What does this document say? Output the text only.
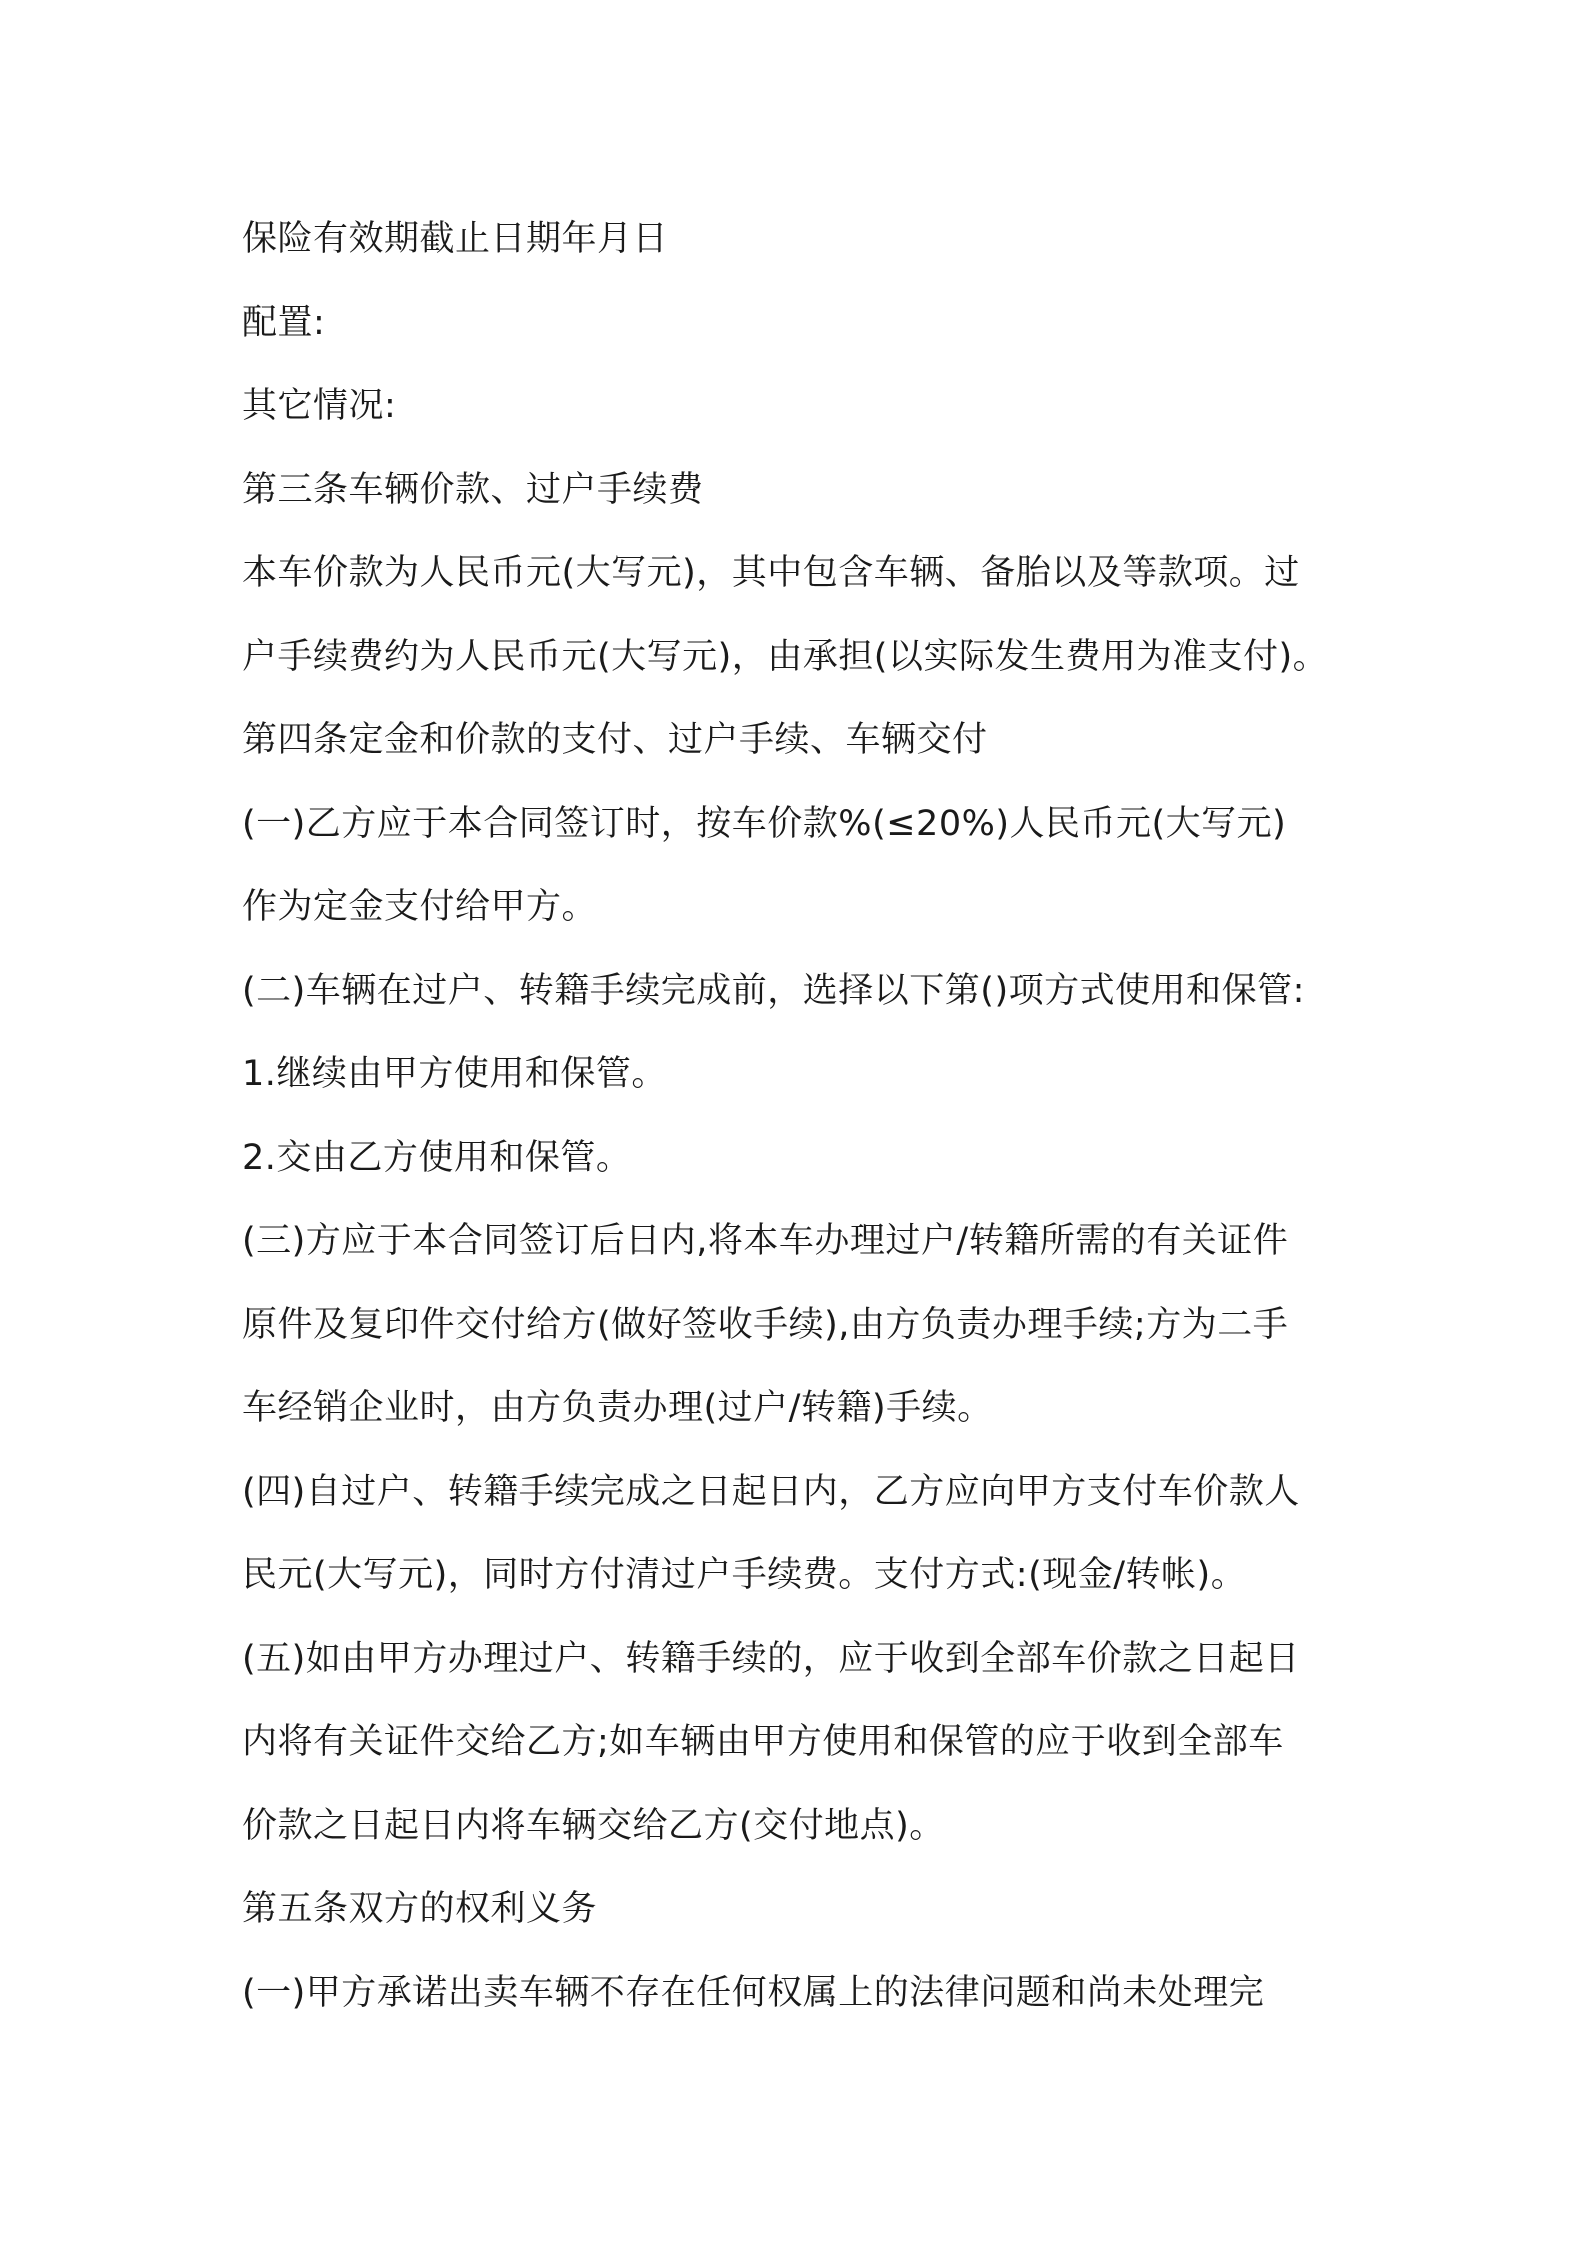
保险有效期截止日期年月日
配置:
其它情况:
第三条车辆价款、过户手续费
本车价款为人民币元(大写元)，其中包含车辆、备胎以及等款项。过
户手续费约为人民币元(大写元)，由承担(以实际发生费用为准支付)。
第四条定金和价款的支付、过户手续、车辆交付
(一)乙方应于本合同签订时，按车价款%(≤20%)人民币元(大写元)
作为定金支付给甲方。
(二)车辆在过户、转籍手续完成前，选择以下第()项方式使用和保管:
1.继续由甲方使用和保管。
2.交由乙方使用和保管。
(三)方应于本合同签订后日内,将本车办理过户/转籍所需的有关证件
原件及复印件交付给方(做好签收手续),由方负责办理手续;方为二手
车经销企业时，由方负责办理(过户/转籍)手续。
(四)自过户、转籍手续完成之日起日内，乙方应向甲方支付车价款人
民元(大写元)，同时方付清过户手续费。支付方式:(现金/转帐)。
(五)如由甲方办理过户、转籍手续的，应于收到全部车价款之日起日
内将有关证件交给乙方;如车辆由甲方使用和保管的应于收到全部车
价款之日起日内将车辆交给乙方(交付地点)。
第五条双方的权利义务
(一)甲方承诺出卖车辆不存在任何权属上的法律问题和尚未处理完
